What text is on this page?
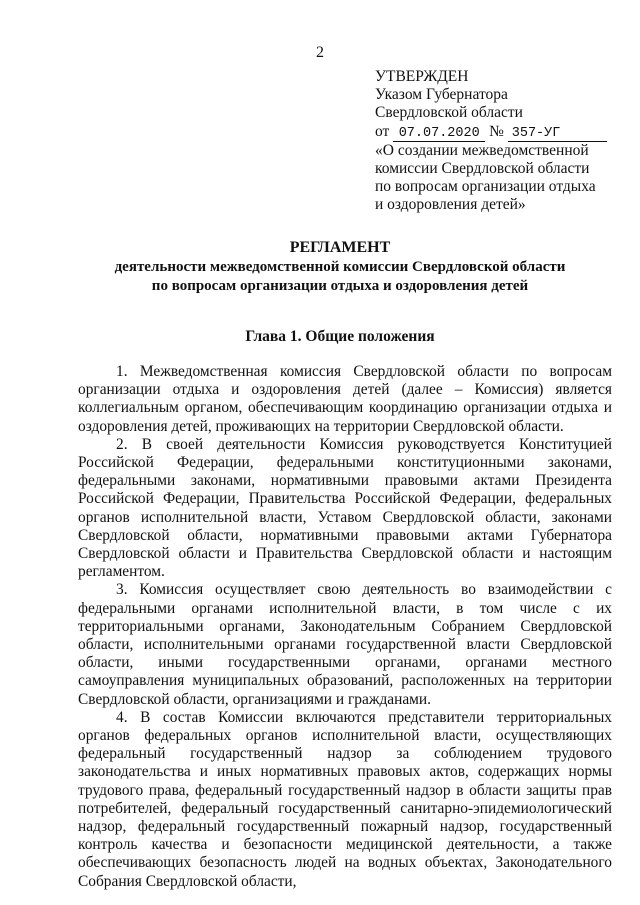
2
УТВЕРЖДЕН
Указом Губернатора
Свердловской области
от 07.07.2020 № 357-УГ
«О создании межведомственной
комиссии Свердловской области
по вопросам организации отдыха
и оздоровления детей»
РЕГЛАМЕНТ
деятельности межведомственной комиссии Свердловской области
по вопросам организации отдыха и оздоровления детей
Глава 1. Общие положения

1. Межведомственная комиссия Свердловской области по вопросам организации отдыха и оздоровления детей (далее – Комиссия) является коллегиальным органом, обеспечивающим координацию организации отдыха и оздоровления детей, проживающих на территории Свердловской области.

2. В своей деятельности Комиссия руководствуется Конституцией Российской Федерации, федеральными конституционными законами, федеральными законами, нормативными правовыми актами Президента Российской Федерации, Правительства Российской Федерации, федеральных органов исполнительной власти, Уставом Свердловской области, законами Свердловской области, нормативными правовыми актами Губернатора Свердловской области и Правительства Свердловской области и настоящим регламентом.

3. Комиссия осуществляет свою деятельность во взаимодействии с федеральными органами исполнительной власти, в том числе с их территориальными органами, Законодательным Собранием Свердловской области, исполнительными органами государственной власти Свердловской области, иными государственными органами, органами местного самоуправления муниципальных образований, расположенных на территории Свердловской области, организациями и гражданами.

4. В состав Комиссии включаются представители территориальных органов федеральных органов исполнительной власти, осуществляющих федеральный государственный надзор за соблюдением трудового законодательства и иных нормативных правовых актов, содержащих нормы трудового права, федеральный государственный надзор в области защиты прав потребителей, федеральный государственный санитарно-эпидемиологический надзор, федеральный государственный пожарный надзор, государственный контроль качества и безопасности медицинской деятельности, а также обеспечивающих безопасность людей на водных объектах, Законодательного Собрания Свердловской области,
